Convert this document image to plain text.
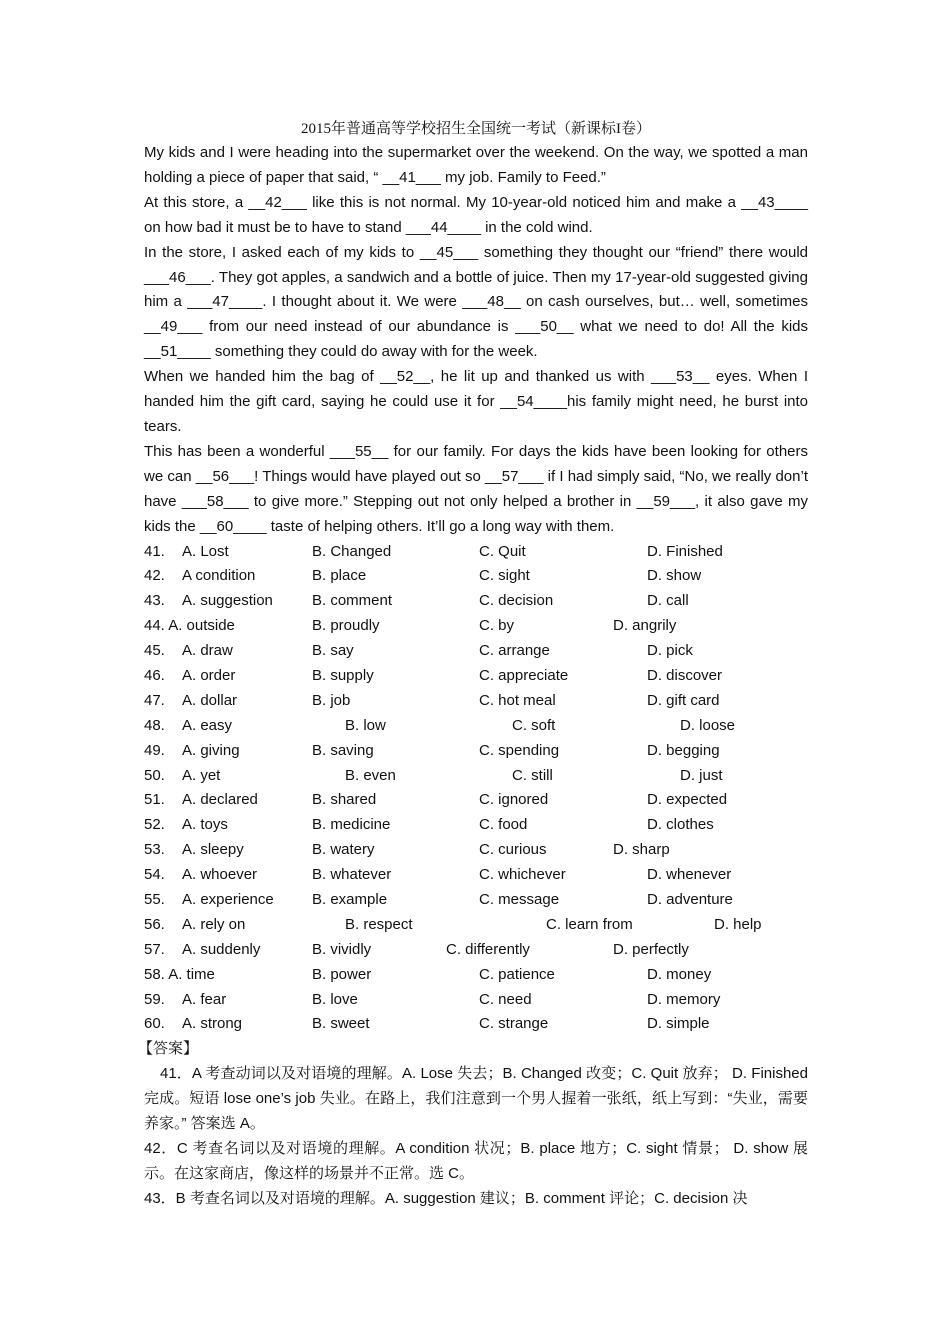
2015年普通高等学校招生全国统一考试（新课标I卷）

My kids and I were heading into the supermarket over the weekend. On the way, we spotted a man holding a piece of paper that said, “ __41___ my job. Family to Feed.”

At this store, a __42___ like this is not normal. My 10-year-old noticed him and make a __43____ on how bad it must be to have to stand ___44____ in the cold wind.

In the store, I asked each of my kids to __45___ something they thought our “friend” there would ___46___. They got apples, a sandwich and a bottle of juice. Then my 17-year-old suggested giving him a ___47____. I thought about it. We were ___48__ on cash ourselves, but… well, sometimes __49___ from our need instead of our abundance is ___50__ what we need to do! All the kids __51____ something they could do away with for the week.

When we handed him the bag of __52__, he lit up and thanked us with ___53__ eyes. When I handed him the gift card, saying he could use it for __54____his family might need, he burst into tears.

This has been a wonderful ___55__ for our family. For days the kids have been looking for others we can __56___! Things would have played out so __57___ if I had simply said, “No, we really don’t have ___58___ to give more.” Stepping out not only helped a brother in __59___, it also gave my kids the __60____ taste of helping others. It’ll go a long way with them.

41. A. Lost	B. Changed	C. Quit	D. Finished
42. A condition	B. place	C. sight	D. show
43. A. suggestion	B. comment	C. decision	D. call
44. A. outside	B. proudly	C. by	D. angrily
45. A. draw	B. say	C. arrange	D. pick
46. A. order	B. supply	C. appreciate	D. discover
47. A. dollar	B. job	C. hot meal	D. gift card
48. A. easy	B. low	C. soft	D. loose
49. A. giving	B. saving	C. spending	D. begging
50. A. yet	B. even	C. still	D. just
51. A. declared	B. shared	C. ignored	D. expected
52. A. toys	B. medicine	C. food	D. clothes
53. A. sleepy	B. watery	C. curious	D. sharp
54. A. whoever	B. whatever	C. whichever	D. whenever
55. A. experience	B. example	C. message	D. adventure
56. A. rely on	B. respect	C. learn from	D. help
57. A. suddenly	B. vividly	C. differently	D. perfectly
58. A. time	B. power	C. patience	D. money
59. A. fear	B. love	C. need	D. memory
60. A. strong	B. sweet	C. strange	D. simple
【答案】

41．A 考查动词以及对语境的理解。A. Lose 失去；B. Changed 改变；C. Quit 放弃； D. Finished 完成。短语 lose one’s job 失业。在路上，我们注意到一个男人握着一张纸，纸上写到：“失业，需要养家。” 答案选 A。

42．C 考查名词以及对语境的理解。A condition 状况；B. place 地方；C. sight 情景； D. show 展示。在这家商店，像这样的场景并不正常。选 C。

43．B 考查名词以及对语境的理解。A. suggestion 建议；B. comment 评论；C. decision 决
